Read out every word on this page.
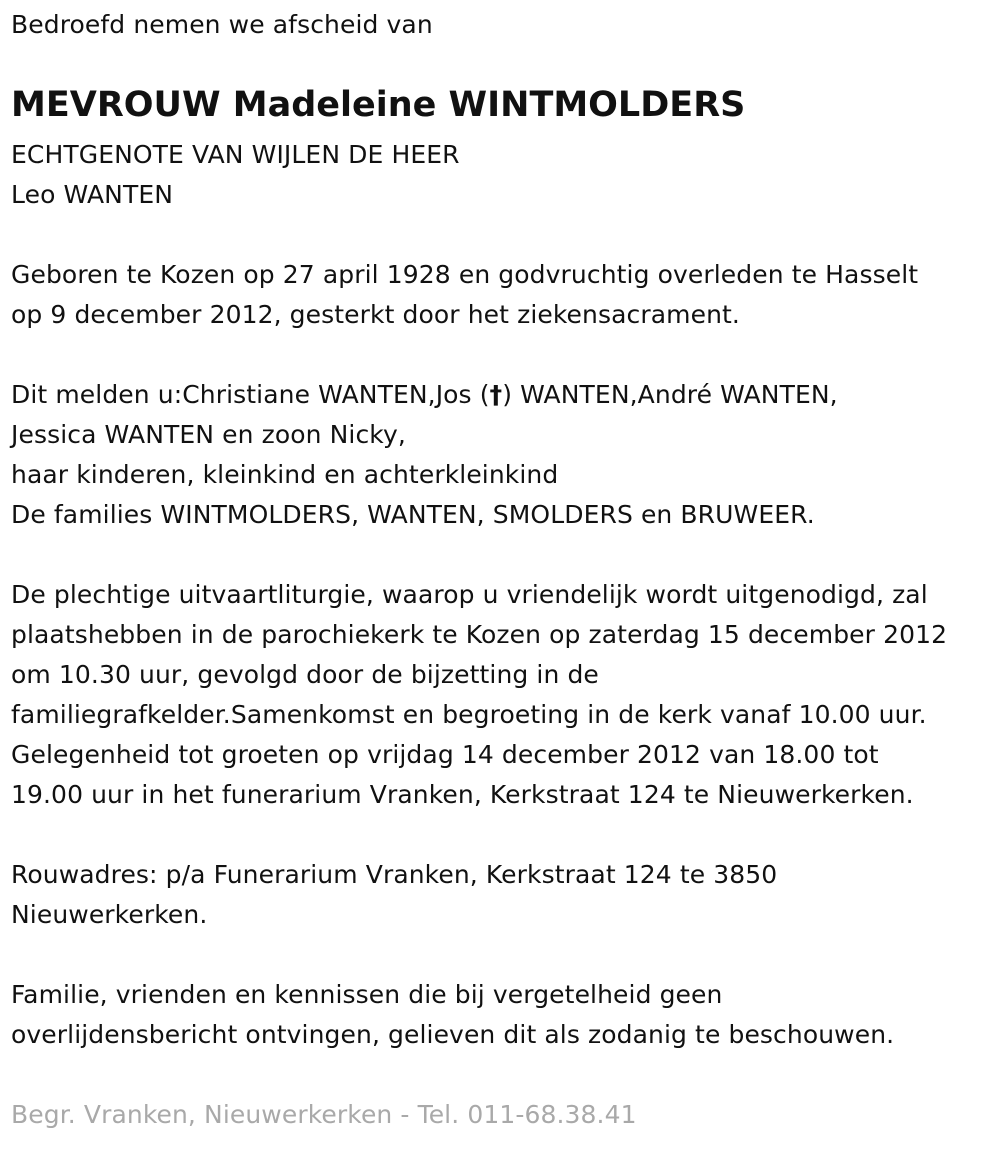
Bedroefd nemen we afscheid van
MEVROUW Madeleine WINTMOLDERS
ECHTGENOTE VAN WIJLEN DE HEER
Leo WANTEN
Geboren te Kozen op 27 april 1928 en godvruchtig overleden te Hasselt
op 9 december 2012, gesterkt door het ziekensacrament.
Dit melden u:Christiane WANTEN,Jos (†) WANTEN,André WANTEN,
Jessica WANTEN en zoon Nicky,
haar kinderen, kleinkind en achterkleinkind
De families WINTMOLDERS, WANTEN, SMOLDERS en BRUWEER.
De plechtige uitvaartliturgie, waarop u vriendelijk wordt uitgenodigd, zal
plaatshebben in de parochiekerk te Kozen op zaterdag 15 december 2012
om 10.30 uur, gevolgd door de bijzetting in de
familiegrafkelder.Samenkomst en begroeting in de kerk vanaf 10.00 uur.
Gelegenheid tot groeten op vrijdag 14 december 2012 van 18.00 tot
19.00 uur in het funerarium Vranken, Kerkstraat 124 te Nieuwerkerken.
Rouwadres: p/a Funerarium Vranken, Kerkstraat 124 te 3850
Nieuwerkerken.
Familie, vrienden en kennissen die bij vergetelheid geen
overlijdensbericht ontvingen, gelieven dit als zodanig te beschouwen.
Begr. Vranken, Nieuwerkerken - Tel. 011-68.38.41
